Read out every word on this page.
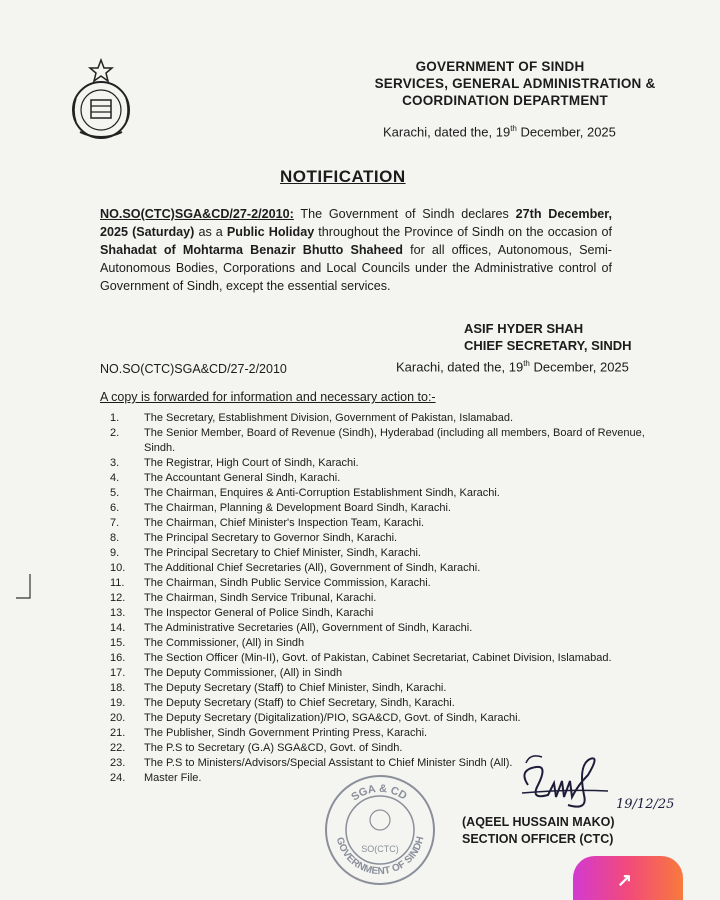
GOVERNMENT OF SINDH
SERVICES, GENERAL ADMINISTRATION &
COORDINATION DEPARTMENT
Karachi, dated the, 19th December, 2025
NOTIFICATION
NO.SO(CTC)SGA&CD/27-2/2010: The Government of Sindh declares 27th December, 2025 (Saturday) as a Public Holiday throughout the Province of Sindh on the occasion of Shahadat of Mohtarma Benazir Bhutto Shaheed for all offices, Autonomous, Semi-Autonomous Bodies, Corporations and Local Councils under the Administrative control of Government of Sindh, except the essential services.
ASIF HYDER SHAH
CHIEF SECRETARY, SINDH
NO.SO(CTC)SGA&CD/27-2/2010	Karachi, dated the, 19th December, 2025
A copy is forwarded for information and necessary action to:-
1.	The Secretary, Establishment Division, Government of Pakistan, Islamabad.
2.	The Senior Member, Board of Revenue (Sindh), Hyderabad (including all members, Board of Revenue, Sindh.
3.	The Registrar, High Court of Sindh, Karachi.
4.	The Accountant General Sindh, Karachi.
5.	The Chairman, Enquires & Anti-Corruption Establishment Sindh, Karachi.
6.	The Chairman, Planning & Development Board Sindh, Karachi.
7.	The Chairman, Chief Minister's Inspection Team, Karachi.
8.	The Principal Secretary to Governor Sindh, Karachi.
9.	The Principal Secretary to Chief Minister, Sindh, Karachi.
10.	The Additional Chief Secretaries (All), Government of Sindh, Karachi.
11.	The Chairman, Sindh Public Service Commission, Karachi.
12.	The Chairman, Sindh Service Tribunal, Karachi.
13.	The Inspector General of Police Sindh, Karachi
14.	The Administrative Secretaries (All), Government of Sindh, Karachi.
15.	The Commissioner, (All) in Sindh
16.	The Section Officer (Min-II), Govt. of Pakistan, Cabinet Secretariat, Cabinet Division, Islamabad.
17.	The Deputy Commissioner, (All) in Sindh
18.	The Deputy Secretary (Staff) to Chief Minister, Sindh, Karachi.
19.	The Deputy Secretary (Staff) to Chief Secretary, Sindh, Karachi.
20.	The Deputy Secretary (Digitalization)/PIO, SGA&CD, Govt. of Sindh, Karachi.
21.	The Publisher, Sindh Government Printing Press, Karachi.
22.	The P.S to Secretary (G.A) SGA&CD, Govt. of Sindh.
23.	The P.S to Ministers/Advisors/Special Assistant to Chief Minister Sindh (All).
24.	Master File.
19/12/25
(AQEEL HUSSAIN MAKO)
SECTION OFFICER (CTC)
SGA & CD
GOVERNMENT OF SINDH
SO(CTC)
↗
